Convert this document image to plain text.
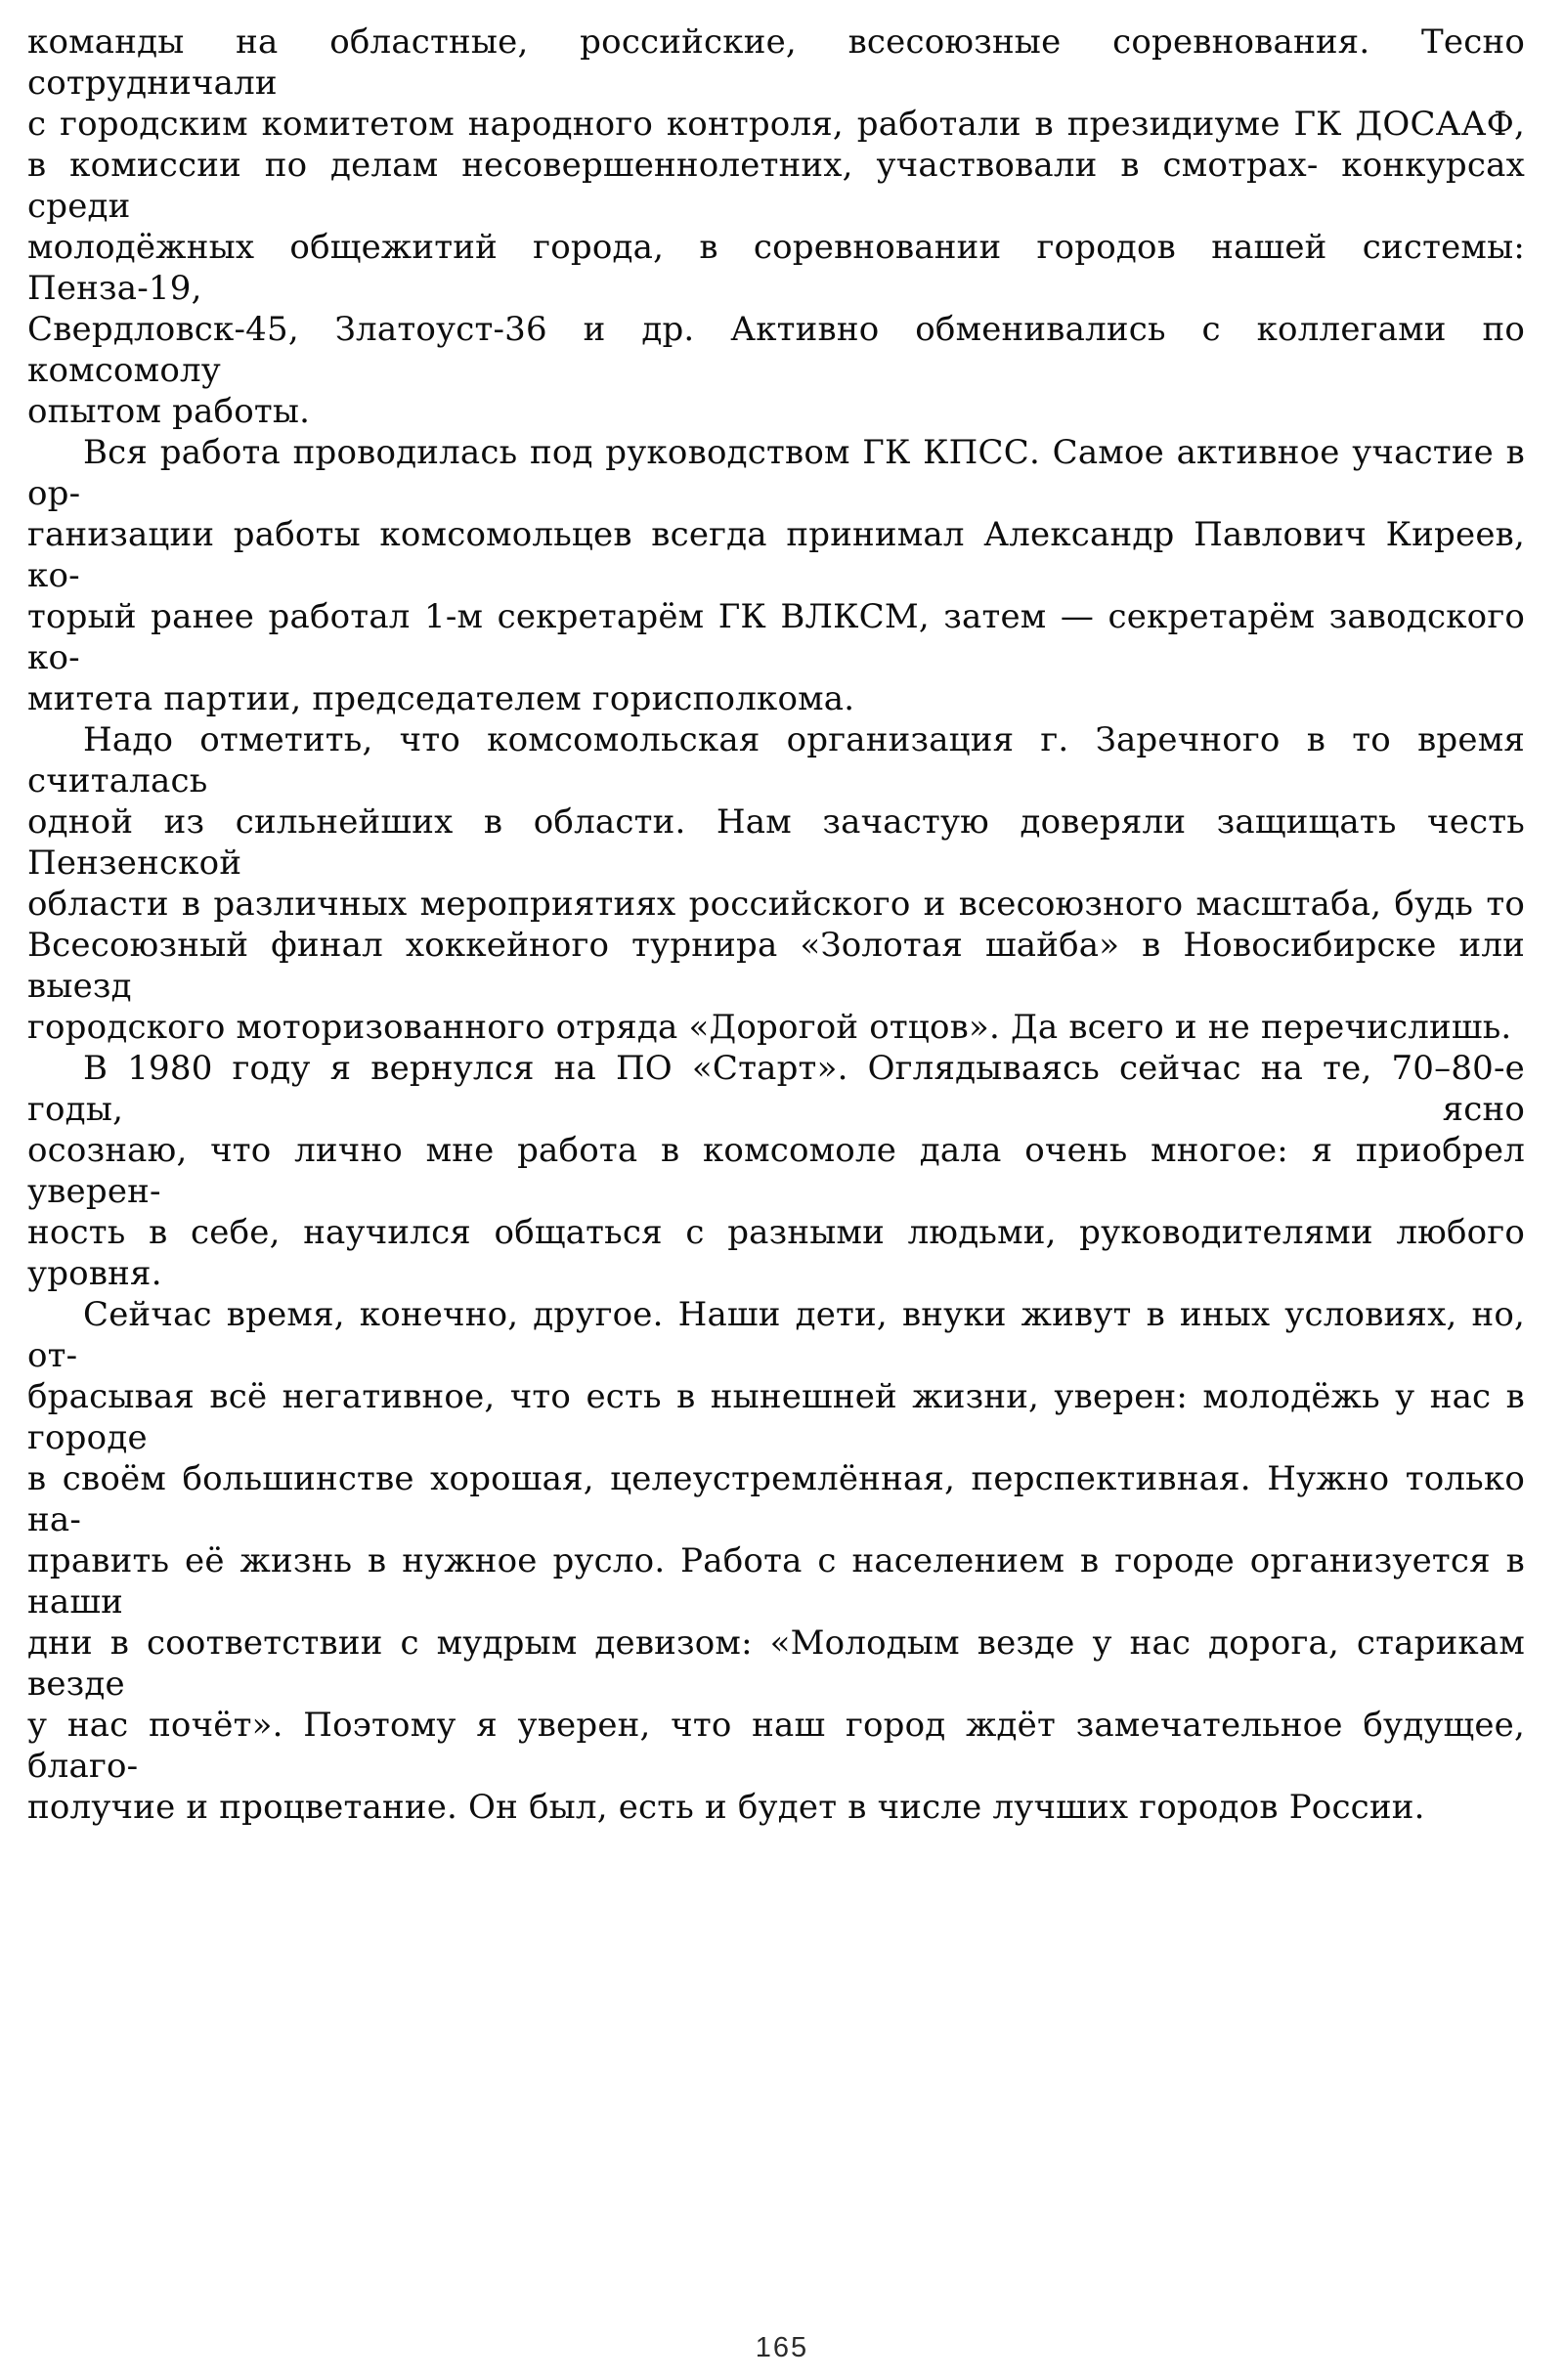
команды на областные, российские, всесоюзные соревнования. Тесно сотрудничали
с городским комитетом народного контроля, работали в президиуме ГК ДОСААФ,
в комиссии по делам несовершеннолетних, участвовали в смотрах- конкурсах среди
молодёжных общежитий города, в соревновании городов нашей системы: Пенза-19,
Свердловск-45, Златоуст-36 и др. Активно обменивались с коллегами по комсомолу
опытом работы.
Вся работа проводилась под руководством ГК КПСС. Самое активное участие в ор-
ганизации работы комсомольцев всегда принимал Александр Павлович Киреев, ко-
торый ранее работал 1-м секретарём ГК ВЛКСМ, затем — секретарём заводского ко-
митета партии, председателем горисполкома.
Надо отметить, что комсомольская организация г. Заречного в то время считалась
одной из сильнейших в области. Нам зачастую доверяли защищать честь Пензенской
области в различных мероприятиях российского и всесоюзного масштаба, будь то
Всесоюзный финал хоккейного турнира «Золотая шайба» в Новосибирске или выезд
городского моторизованного отряда «Дорогой отцов». Да всего и не перечислишь.
В 1980 году я вернулся на ПО «Старт». Оглядываясь сейчас на те, 70–80-е годы, ясно
осознаю, что лично мне работа в комсомоле дала очень многое: я приобрел уверен-
ность в себе, научился общаться с разными людьми, руководителями любого уровня.
Сейчас время, конечно, другое. Наши дети, внуки живут в иных условиях, но, от-
брасывая всё негативное, что есть в нынешней жизни, уверен: молодёжь у нас в городе
в своём большинстве хорошая, целеустремлённая, перспективная. Нужно только на-
править её жизнь в нужное русло. Работа с населением в городе организуется в наши
дни в соответствии с мудрым девизом: «Молодым везде у нас дорога, старикам везде
у нас почёт». Поэтому я уверен, что наш город ждёт замечательное будущее, благо-
получие и процветание. Он был, есть и будет в числе лучших городов России.
165
